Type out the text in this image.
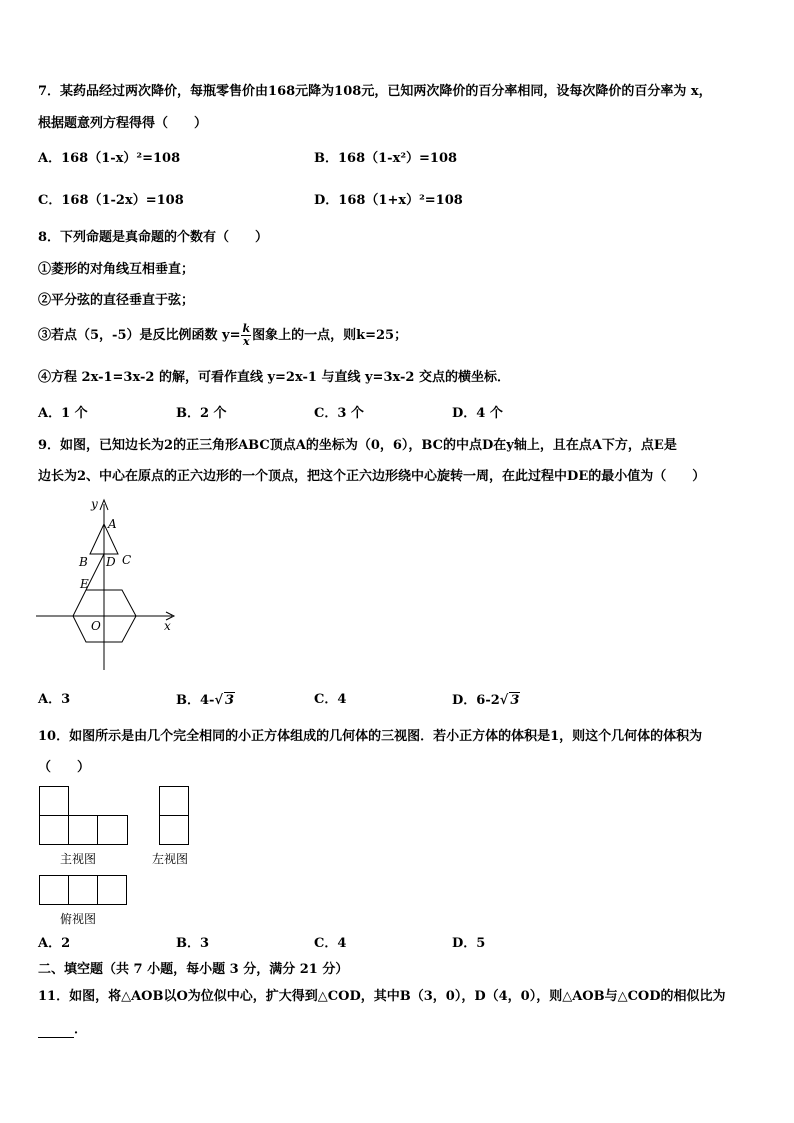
7．某药品经过两次降价，每瓶零售价由168元降为108元，已知两次降价的百分率相同，设每次降价的百分率为 x，
根据题意列方程得得（　　）
A．168（1-x）²=108	B．168（1-x²）=108
C．168（1-2x）=108	D．168（1+x）²=108
8．下列命题是真命题的个数有（　　）
①菱形的对角线互相垂直；
②平分弦的直径垂直于弦；
③若点（5，-5）是反比例函数 $y= \frac{k}{x}$ 图象上的一点，则k=25；
④方程 2x-1=3x-2 的解，可看作直线 y=2x-1 与直线 y=3x-2 交点的横坐标．
A．1 个	B．2 个	C．3 个	D．4 个
9．如图，已知边长为2的正三角形ABC顶点A的坐标为（0，6），BC的中点D在y轴上，且在点A下方，点E是
边长为2、中心在原点的正六边形的一个顶点，把这个正六边形绕中心旋转一周，在此过程中DE的最小值为（　　）
y
A
B D C
E
O	x
A．3	B．4-√ 3	C．4	D．6-2√ 3
10．如图所示是由几个完全相同的小正方体组成的几何体的三视图．若小正方体的体积是1，则这个几何体的体积为
（　　）
主视图	左视图
俯视图
A．2	B．3	C．4	D．5
二、填空题（共 7 小题，每小题 3 分，满分 21 分）
11．如图，将△AOB以O为位似中心，扩大得到△COD，其中B（3，0），D（4，0），则△AOB与△COD的相似比为
．
